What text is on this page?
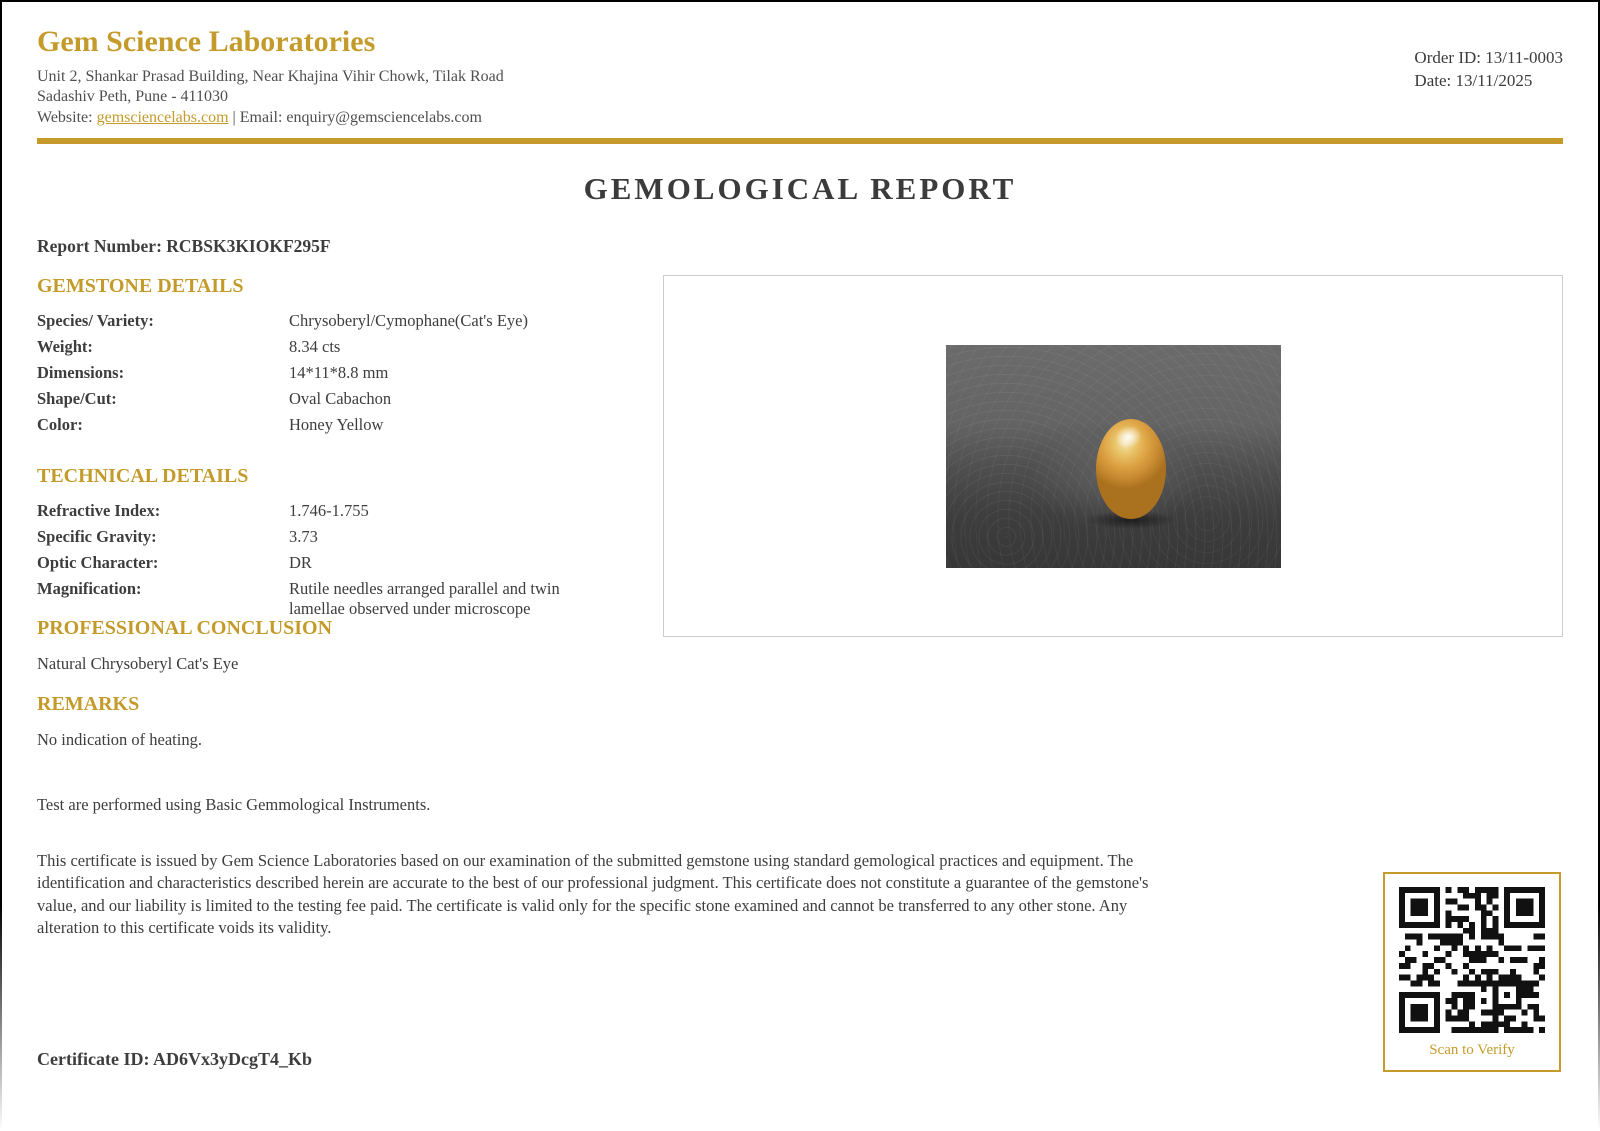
Gem Science Laboratories
Unit 2, Shankar Prasad Building, Near Khajina Vihir Chowk, Tilak Road
Sadashiv Peth, Pune - 411030
Website: gemsciencelabs.com | Email: enquiry@gemsciencelabs.com
Order ID: 13/11-0003
Date: 13/11/2025
GEMOLOGICAL REPORT
Report Number: RCBSK3KIOKF295F
GEMSTONE DETAILS
Species/ Variety:	Chrysoberyl/Cymophane(Cat's Eye)
Weight:	8.34 cts
Dimensions:	14*11*8.8 mm
Shape/Cut:	Oval Cabachon
Color:	Honey Yellow
TECHNICAL DETAILS
Refractive Index:	1.746-1.755
Specific Gravity:	3.73
Optic Character:	DR
Magnification:	Rutile needles arranged parallel and twin lamellae observed under microscope
PROFESSIONAL CONCLUSION
Natural Chrysoberyl Cat's Eye
REMARKS
No indication of heating.
Test are performed using Basic Gemmological Instruments.
This certificate is issued by Gem Science Laboratories based on our examination of the submitted gemstone using standard gemological practices and equipment. The identification and characteristics described herein are accurate to the best of our professional judgment. This certificate does not constitute a guarantee of the gemstone's value, and our liability is limited to the testing fee paid. The certificate is valid only for the specific stone examined and cannot be transferred to any other stone. Any alteration to this certificate voids its validity.
Scan to Verify
Certificate ID: AD6Vx3yDcgT4_Kb
